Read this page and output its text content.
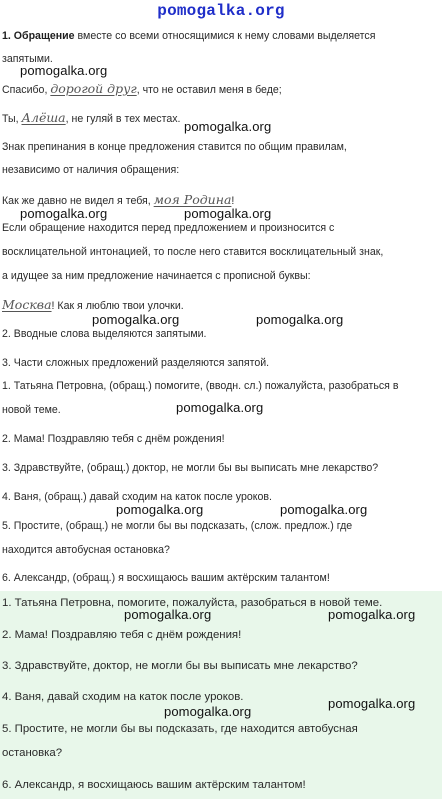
pomogalka.org
1. Обращение вместе со всеми относящимися к нему словами выделяется
запятыми.
Спасибо, дорогой друг, что не оставил меня в беде;
Ты, Алёша, не гуляй в тех местах.
Знак препинания в конце предложения ставится по общим правилам,
независимо от наличия обращения:
Как же давно не видел я тебя, моя Родина!
Если обращение находится перед предложением и произносится с
восклицательной интонацией, то после него ставится восклицательный знак,
а идущее за ним предложение начинается с прописной буквы:
Москва! Как я люблю твои улочки.
2. Вводные слова выделяются запятыми.
3. Части сложных предложений разделяются запятой.
1. Татьяна Петровна, (обращ.) помогите, (вводн. сл.) пожалуйста, разобраться в
новой теме.
2. Мама! Поздравляю тебя с днём рождения!
3. Здравствуйте, (обращ.) доктор, не могли бы вы выписать мне лекарство?
4. Ваня, (обращ.) давай сходим на каток после уроков.
5. Простите, (обращ.) не могли бы вы подсказать, (слож. предлож.) где
находится автобусная остановка?
6. Александр, (обращ.) я восхищаюсь вашим актёрским талантом!
1. Татьяна Петровна, помогите, пожалуйста, разобраться в новой теме.
2. Мама! Поздравляю тебя с днём рождения!
3. Здравствуйте, доктор, не могли бы вы выписать мне лекарство?
4. Ваня, давай сходим на каток после уроков.
5. Простите, не могли бы вы подсказать, где находится автобусная
остановка?
6. Александр, я восхищаюсь вашим актёрским талантом!
pomogalka.org
pomogalka.org
pomogalka.org	pomogalka.org
pomogalka.org	pomogalka.org
pomogalka.org
pomogalka.org	pomogalka.org
pomogalka.org	pomogalka.org
pomogalka.org
pomogalka.org
